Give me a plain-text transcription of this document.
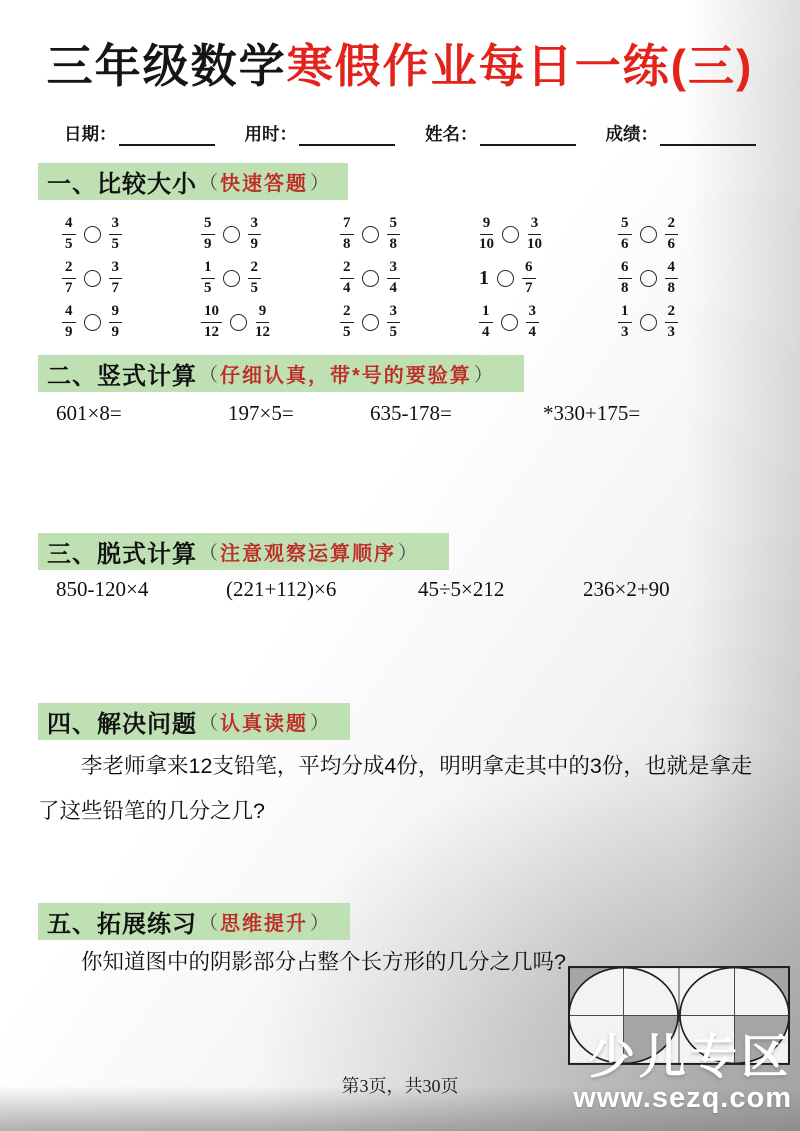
三年级数学寒假作业每日一练(三)
日期：	用时：	姓名：	成绩：
一、比较大小 （ 快速答题 ）
$\frac{4}{5} \frac{3}{5}$	$\frac{5}{9} \frac{3}{9}$	$\frac{7}{8} \frac{5}{8}$	$\frac{9}{10} \frac{3}{10}$	$\frac{5}{6} \frac{2}{6}$
$\frac{2}{7} \frac{3}{7}$	$\frac{1}{5} \frac{2}{5}$	$\frac{2}{4} \frac{3}{4}$	$1 \frac{6}{7}$	$\frac{6}{8} \frac{4}{8}$
$\frac{4}{9} \frac{9}{9}$	$\frac{10}{12} \frac{9}{12}$	$\frac{2}{5} \frac{3}{5}$	$\frac{1}{4} \frac{3}{4}$	$\frac{1}{3} \frac{2}{3}$
二、竖式计算 （ 仔细认真，带*号的要验算 ）
601×8=	197×5=	635-178=	*330+175=
三、脱式计算 （ 注意观察运算顺序 ）
850-120×4	(221+112)×6	45÷5×212	236×2+90
四、解决问题 （ 认真读题 ）
李老师拿来12支铅笔，平均分成4份，明明拿走其中的3份，也就是拿走了这些铅笔的几分之几?
五、拓展练习 （ 思维提升 ）
你知道图中的阴影部分占整个长方形的几分之几吗?
第3页，共30页
少儿专区
www.sezq.com
